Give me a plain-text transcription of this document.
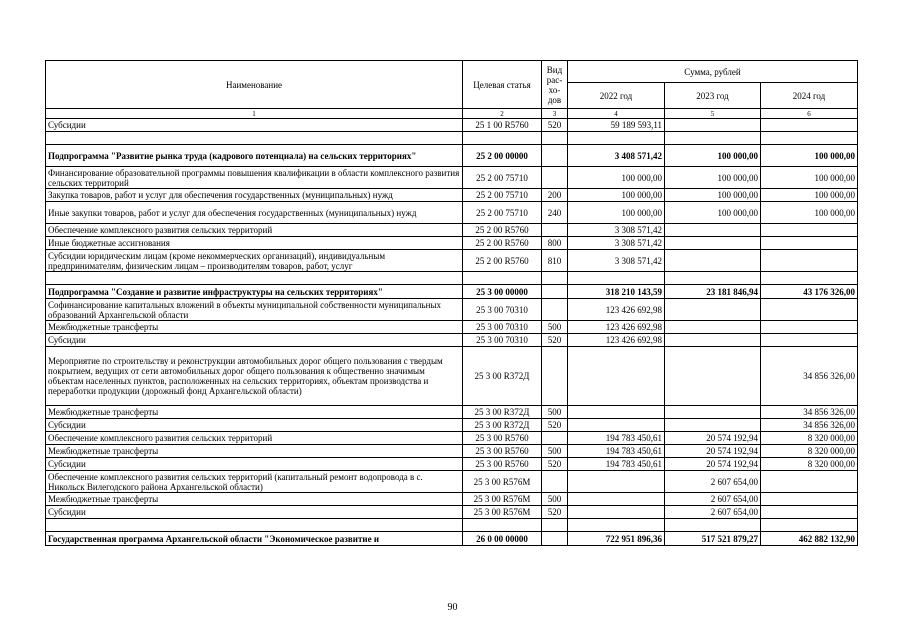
Наименование	Целевая статья	Вид рас-хо-дов	Сумма, рублей		
			2022 год	2023 год	2024 год
1	2	3	4	5	6
Субсидии	25 1 00 R5760	520	59 189 593,11		

Подпрограмма "Развитие рынка труда (кадрового потенциала) на сельских территориях"	25 2 00 00000		3 408 571,42	100 000,00	100 000,00
Финансирование образовательной программы повышения квалификации в области комплексного развития сельских территорий	25 2 00 75710		100 000,00	100 000,00	100 000,00
Закупка товаров, работ и услуг для обеспечения государственных (муниципальных) нужд	25 2 00 75710	200	100 000,00	100 000,00	100 000,00
Иные закупки товаров, работ и услуг для обеспечения государственных (муниципальных) нужд	25 2 00 75710	240	100 000,00	100 000,00	100 000,00
Обеспечение комплексного развития сельских территорий	25 2 00 R5760		3 308 571,42		
Иные бюджетные ассигнования	25 2 00 R5760	800	3 308 571,42		
Субсидии юридическим лицам (кроме некоммерческих организаций), индивидуальным предпринимателям, физическим лицам – производителям товаров, работ, услуг	25 2 00 R5760	810	3 308 571,42		

Подпрограмма "Создание и развитие инфраструктуры на сельских территориях"	25 3 00 00000		318 210 143,59	23 181 846,94	43 176 326,00
Софинансирование капитальных вложений в объекты муниципальной собственности муниципальных образований Архангельской области	25 3 00 70310		123 426 692,98		
Межбюджетные трансферты	25 3 00 70310	500	123 426 692,98		
Субсидии	25 3 00 70310	520	123 426 692,98		
Мероприятие по строительству и реконструкции автомобильных дорог общего пользования с твердым покрытием, ведущих от сети автомобильных дорог общего пользования к общественно значимым объектам населенных пунктов, расположенных на сельских территориях, объектам производства и переработки продукции (дорожный фонд Архангельской области)	25 3 00 R372Д				34 856 326,00
Межбюджетные трансферты	25 3 00 R372Д	500			34 856 326,00
Субсидии	25 3 00 R372Д	520			34 856 326,00
Обеспечение комплексного развития сельских территорий	25 3 00 R5760		194 783 450,61	20 574 192,94	8 320 000,00
Межбюджетные трансферты	25 3 00 R5760	500	194 783 450,61	20 574 192,94	8 320 000,00
Субсидии	25 3 00 R5760	520	194 783 450,61	20 574 192,94	8 320 000,00
Обеспечение комплексного развития сельских территорий (капитальный ремонт водопровода в с. Никольск Вилегодского района Архангельской области)	25 3 00 R576М			2 607 654,00	
Межбюджетные трансферты	25 3 00 R576М	500		2 607 654,00	
Субсидии	25 3 00 R576М	520		2 607 654,00	

Государственная программа Архангельской области "Экономическое развитие и	26 0 00 00000		722 951 896,36	517 521 879,27	462 882 132,90
90
